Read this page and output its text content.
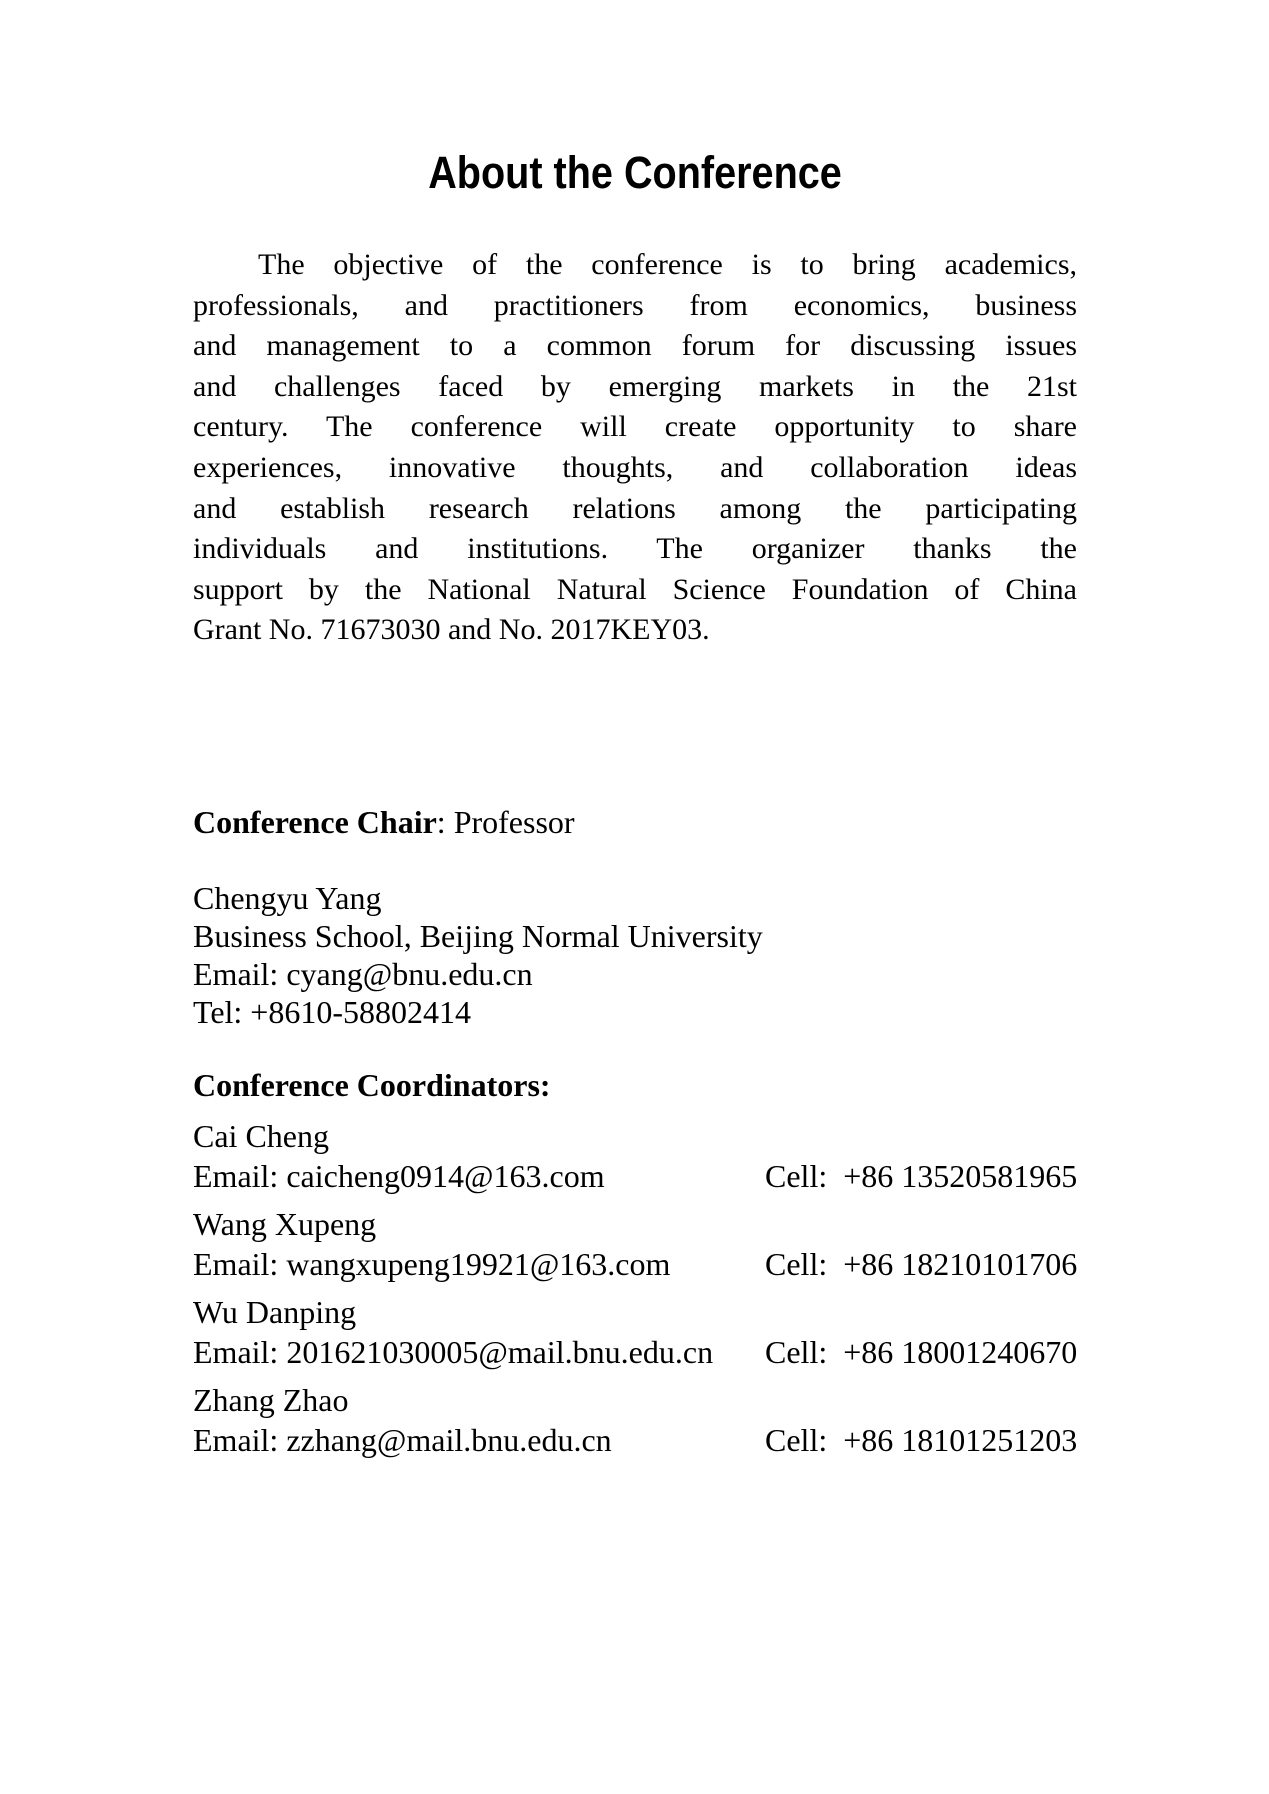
About the Conference
The objective of the conference is to bring academics,
professionals, and practitioners from economics, business
and management to a common forum for discussing issues
and challenges faced by emerging markets in the 21st
century. The conference will create opportunity to share
experiences, innovative thoughts, and collaboration ideas
and establish research relations among the participating
individuals and institutions. The organizer thanks the
support by the National Natural Science Foundation of China
Grant No. 71673030 and No. 2017KEY03.
Conference Chair: Professor
Chengyu Yang
Business School, Beijing Normal University
Email: cyang@bnu.edu.cn
Tel: +8610-58802414
Conference Coordinators:
Cai Cheng
Email: caicheng0914@163.com	Cell:  +86 13520581965
Wang Xupeng
Email: wangxupeng19921@163.com	Cell:  +86 18210101706
Wu Danping
Email: 201621030005@mail.bnu.edu.cn	Cell:  +86 18001240670
Zhang Zhao
Email: zzhang@mail.bnu.edu.cn	Cell:  +86 18101251203
